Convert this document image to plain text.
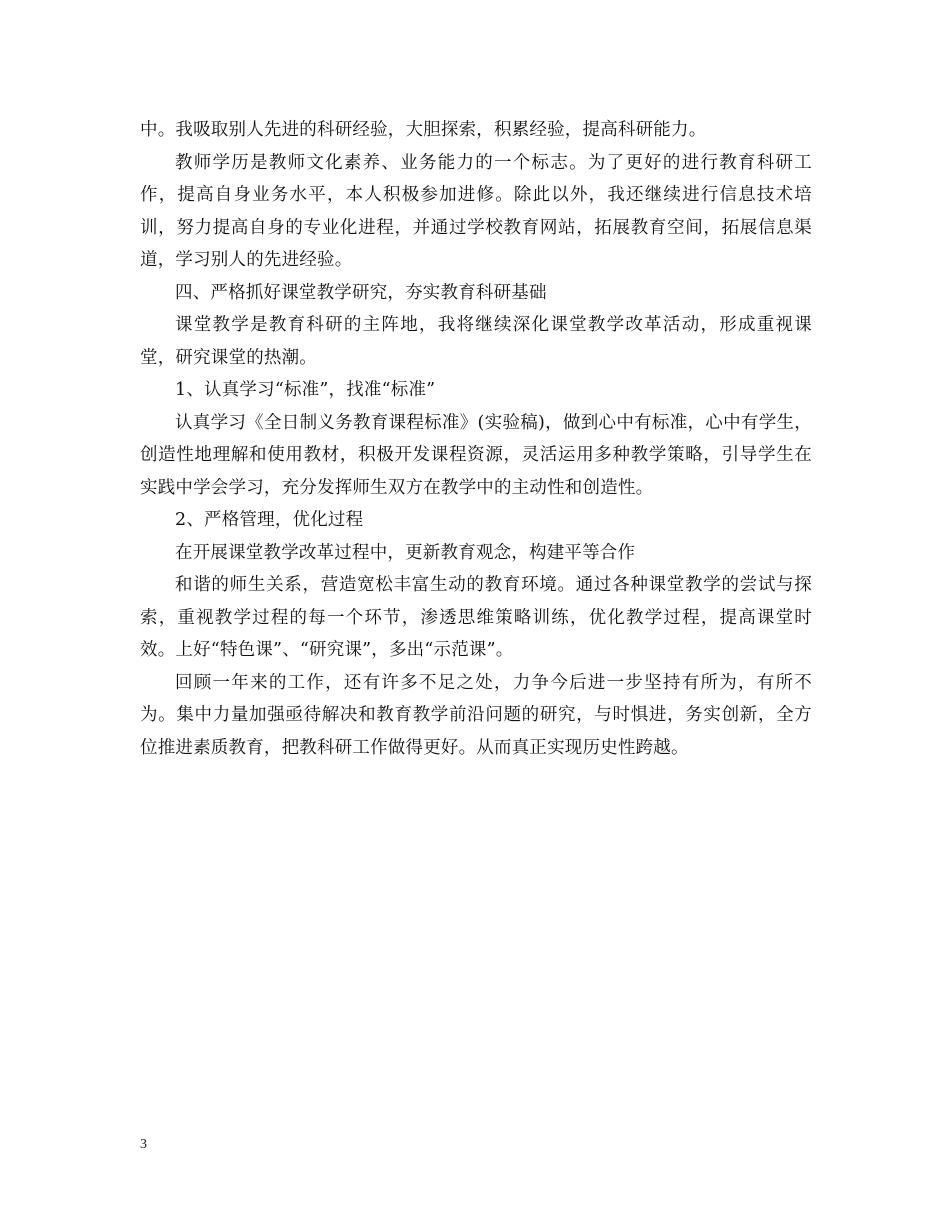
中。我吸取别人先进的科研经验，大胆探索，积累经验，提高科研能力。

教师学历是教师文化素养、业务能力的一个标志。为了更好的进行教育科研工作，提高自身业务水平，本人积极参加进修。除此以外，我还继续进行信息技术培训，努力提高自身的专业化进程，并通过学校教育网站，拓展教育空间，拓展信息渠道，学习别人的先进经验。

四、严格抓好课堂教学研究，夯实教育科研基础

课堂教学是教育科研的主阵地，我将继续深化课堂教学改革活动，形成重视课堂，研究课堂的热潮。

1、认真学习“标准”，找准“标准”

认真学习《全日制义务教育课程标准》(实验稿)，做到心中有标准，心中有学生，创造性地理解和使用教材，积极开发课程资源，灵活运用多种教学策略，引导学生在实践中学会学习，充分发挥师生双方在教学中的主动性和创造性。

2、严格管理，优化过程

在开展课堂教学改革过程中，更新教育观念，构建平等合作

和谐的师生关系，营造宽松丰富生动的教育环境。通过各种课堂教学的尝试与探索，重视教学过程的每一个环节，渗透思维策略训练，优化教学过程，提高课堂时效。上好“特色课”、“研究课”，多出“示范课”。

回顾一年来的工作，还有许多不足之处，力争今后进一步坚持有所为，有所不为。集中力量加强亟待解决和教育教学前沿问题的研究，与时惧进，务实创新，全方位推进素质教育，把教科研工作做得更好。从而真正实现历史性跨越。

3
